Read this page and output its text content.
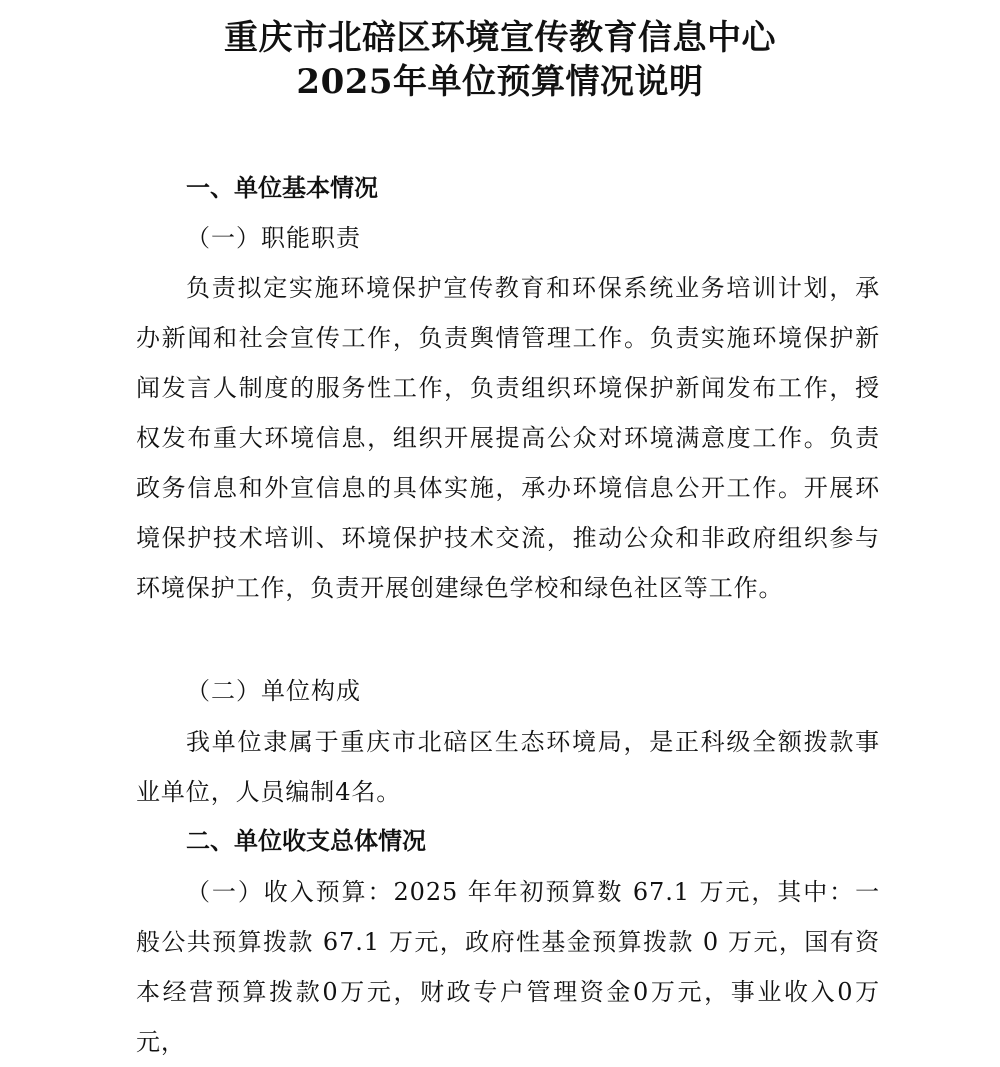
重庆市北碚区环境宣传教育信息中心
2025年单位预算情况说明
一、单位基本情况
（一）职能职责

负责拟定实施环境保护宣传教育和环保系统业务培训计划，承办新闻和社会宣传工作，负责舆情管理工作。负责实施环境保护新闻发言人制度的服务性工作，负责组织环境保护新闻发布工作，授权发布重大环境信息，组织开展提高公众对环境满意度工作。负责政务信息和外宣信息的具体实施，承办环境信息公开工作。开展环境保护技术培训、环境保护技术交流，推动公众和非政府组织参与环境保护工作，负责开展创建绿色学校和绿色社区等工作。

（二）单位构成

我单位隶属于重庆市北碚区生态环境局，是正科级全额拨款事业单位，人员编制4名。

二、单位收支总体情况

（一）收入预算：2025 年年初预算数 67.1 万元，其中：一般公共预算拨款 67.1 万元，政府性基金预算拨款 0 万元，国有资本经营预算拨款0万元，财政专户管理资金0万元，事业收入0万元，
